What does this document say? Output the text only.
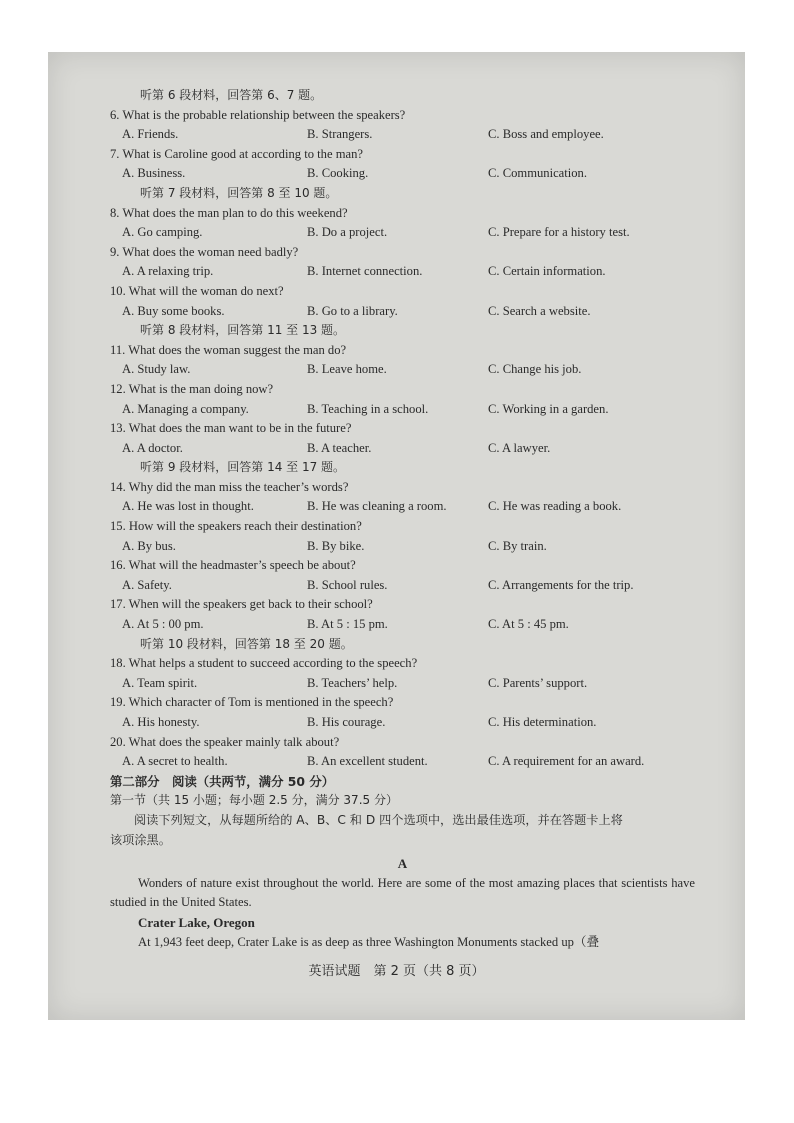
听第 6 段材料，回答第 6、7 题。
6. What is the probable relationship between the speakers?
A. Friends.	B. Strangers.	C. Boss and employee.
7. What is Caroline good at according to the man?
A. Business.	B. Cooking.	C. Communication.
听第 7 段材料，回答第 8 至 10 题。
8. What does the man plan to do this weekend?
A. Go camping.	B. Do a project.	C. Prepare for a history test.
9. What does the woman need badly?
A. A relaxing trip.	B. Internet connection.	C. Certain information.
10. What will the woman do next?
A. Buy some books.	B. Go to a library.	C. Search a website.
听第 8 段材料，回答第 11 至 13 题。
11. What does the woman suggest the man do?
A. Study law.	B. Leave home.	C. Change his job.
12. What is the man doing now?
A. Managing a company.	B. Teaching in a school.	C. Working in a garden.
13. What does the man want to be in the future?
A. A doctor.	B. A teacher.	C. A lawyer.
听第 9 段材料，回答第 14 至 17 题。
14. Why did the man miss the teacher’s words?
A. He was lost in thought.	B. He was cleaning a room.	C. He was reading a book.
15. How will the speakers reach their destination?
A. By bus.	B. By bike.	C. By train.
16. What will the headmaster’s speech be about?
A. Safety.	B. School rules.	C. Arrangements for the trip.
17. When will the speakers get back to their school?
A. At 5 : 00 pm.	B. At 5 : 15 pm.	C. At 5 : 45 pm.
听第 10 段材料，回答第 18 至 20 题。
18. What helps a student to succeed according to the speech?
A. Team spirit.	B. Teachers’ help.	C. Parents’ support.
19. Which character of Tom is mentioned in the speech?
A. His honesty.	B. His courage.	C. His determination.
20. What does the speaker mainly talk about?
A. A secret to health.	B. An excellent student.	C. A requirement for an award.
第二部分　阅读（共两节，满分 50 分）
第一节（共 15 小题；每小题 2.5 分，满分 37.5 分）
阅读下列短文，从每题所给的 A、B、C 和 D 四个选项中，选出最佳选项，并在答题卡上将
该项涂黑。
A
Wonders of nature exist throughout the world. Here are some of the most amazing places that scientists have studied in the United States.
Crater Lake, Oregon
At 1,943 feet deep, Crater Lake is as deep as three Washington Monuments stacked up（叠
英语试题　第 2 页（共 8 页）
